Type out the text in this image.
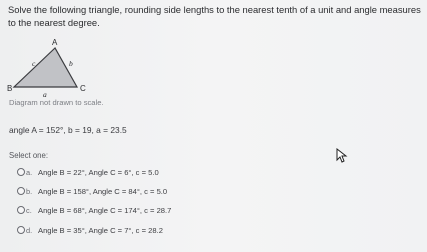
Solve the following triangle, rounding side lengths to the nearest tenth of a unit and angle measures to the nearest degree.
A
B	C
c	b
a
Diagram not drawn to scale.
angle A = 152°, b = 19, a = 23.5
Select one:
a. Angle B = 22°, Angle C = 6°, c = 5.0
b. Angle B = 158°, Angle C = 84°, c = 5.0
c. Angle B = 68°, Angle C = 174°, c = 28.7
d. Angle B = 35°, Angle C = 7°, c = 28.2
